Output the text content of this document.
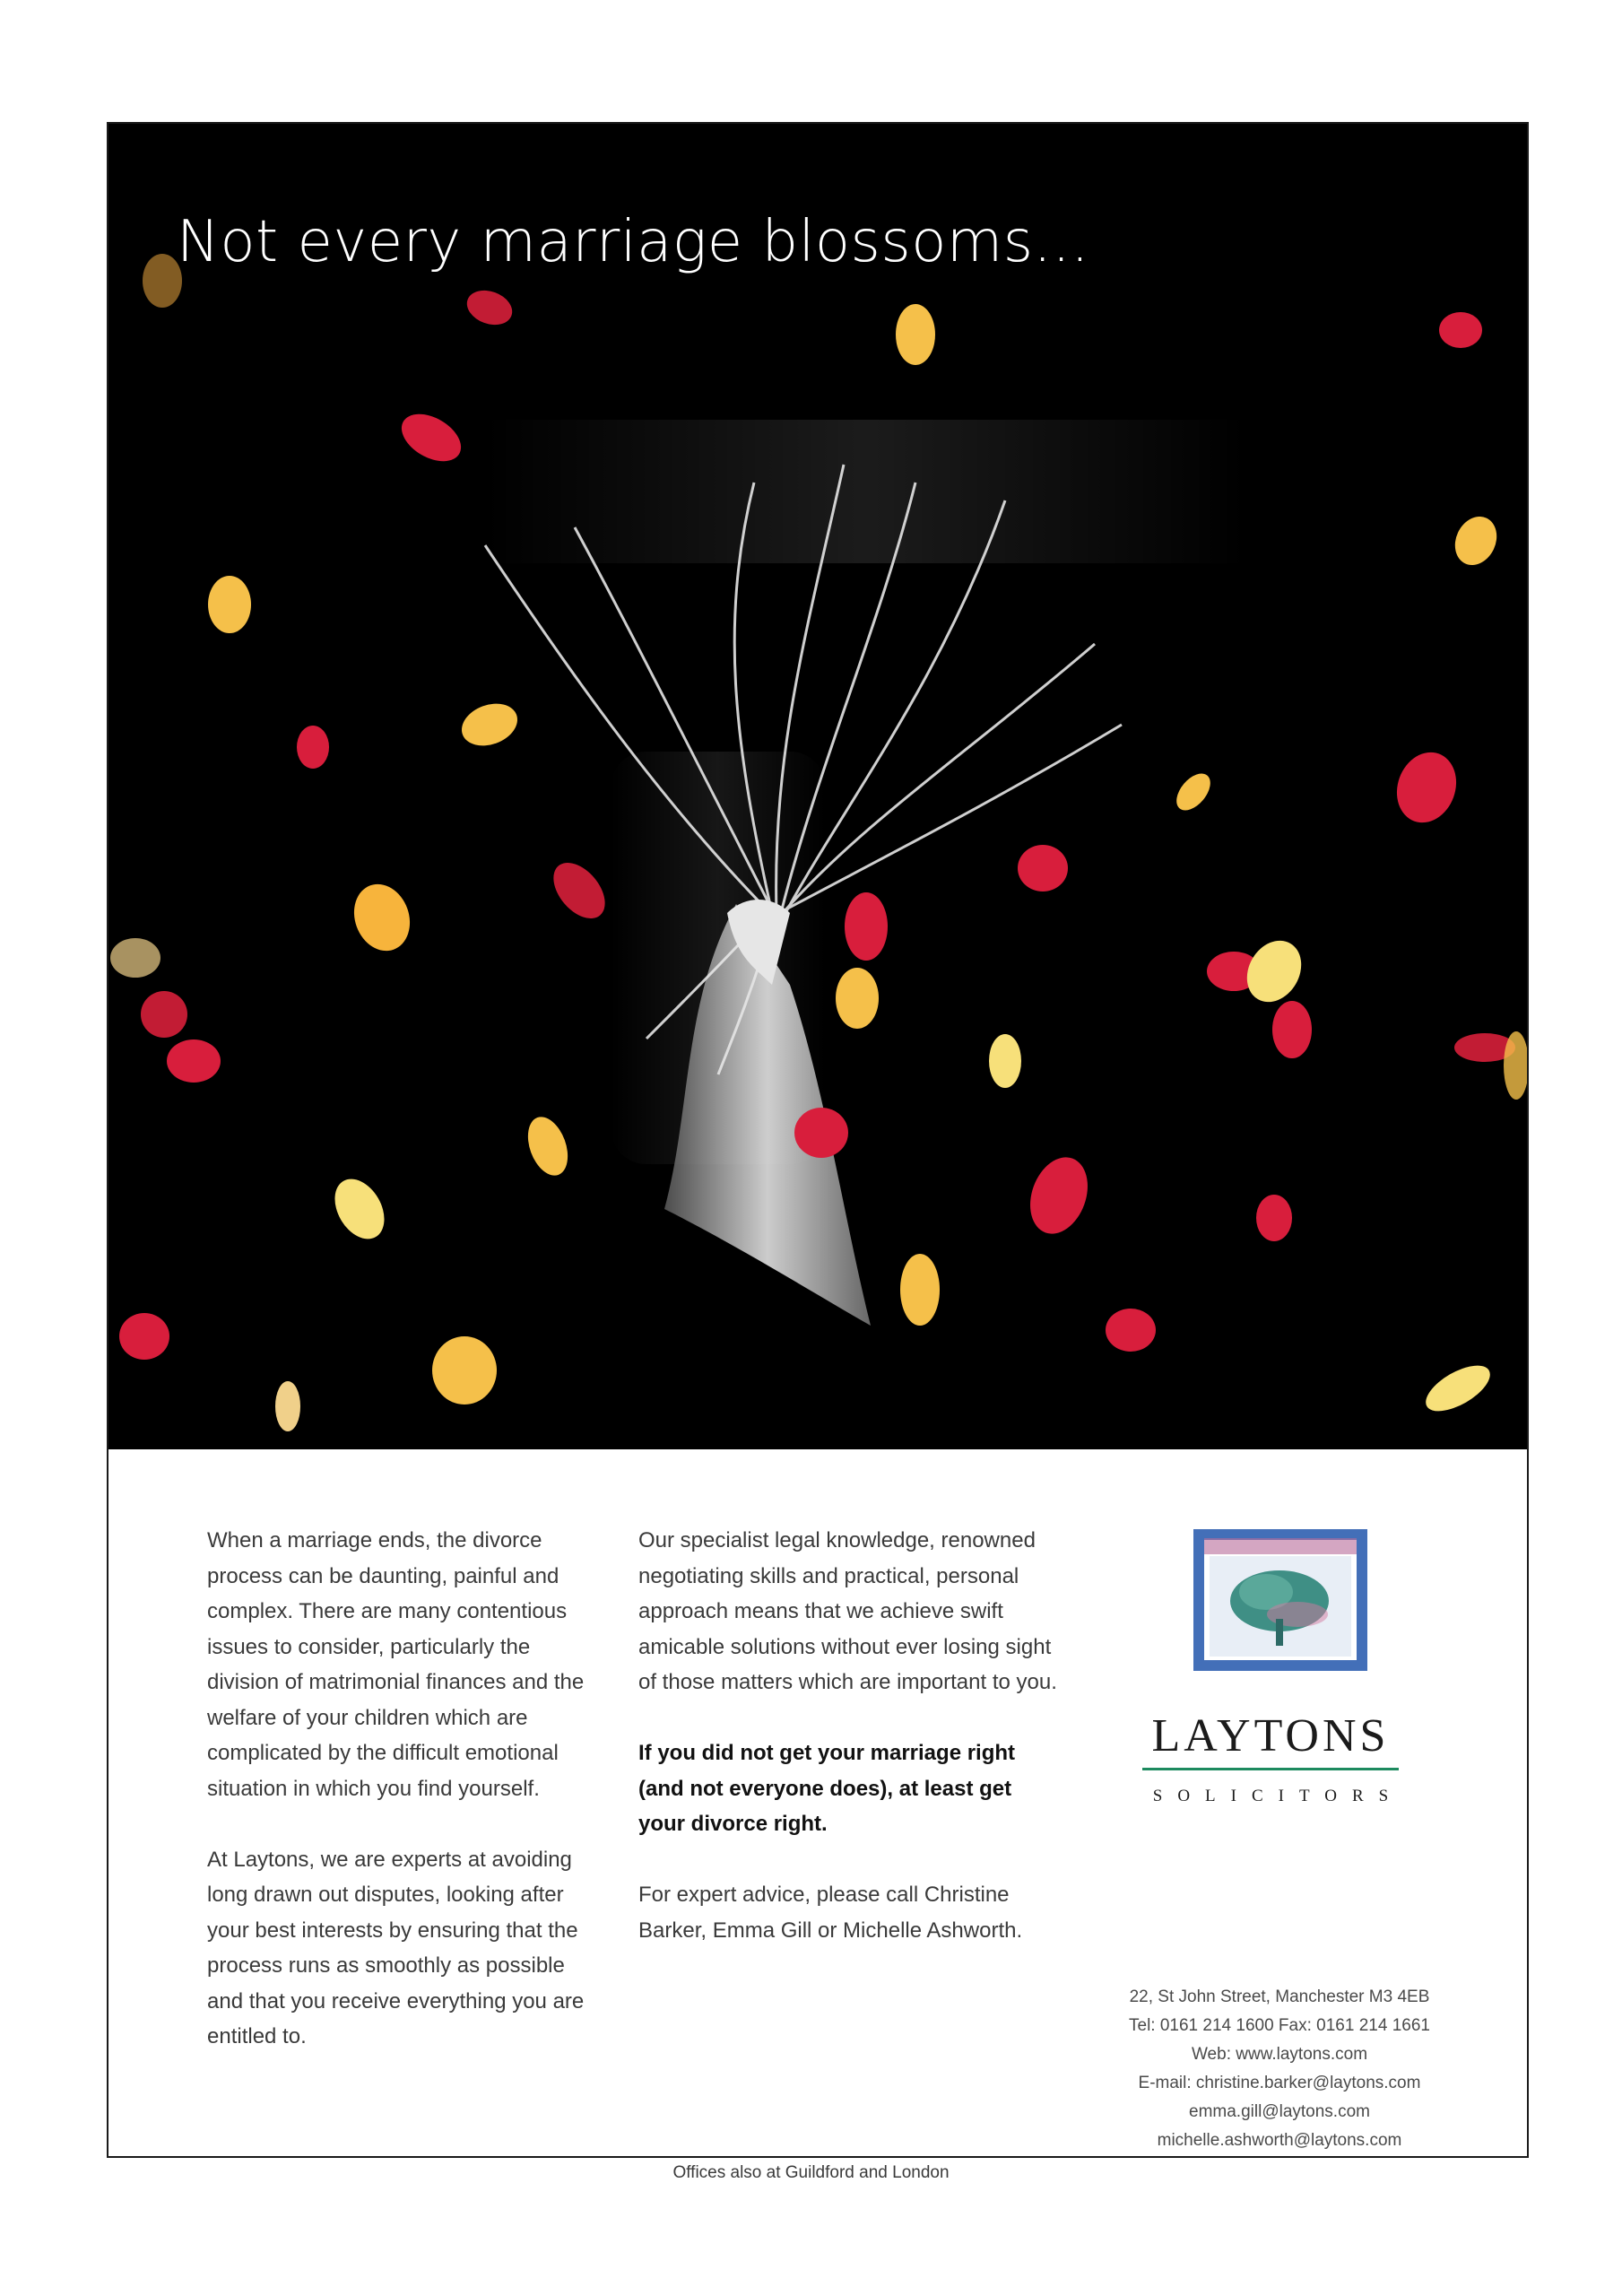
Not every marriage blossoms...

When a marriage ends, the divorce process can be daunting, painful and complex. There are many contentious issues to consider, particularly the division of matrimonial finances and the welfare of your children which are complicated by the difficult emotional situation in which you find yourself.

At Laytons, we are experts at avoiding long drawn out disputes, looking after your best interests by ensuring that the process runs as smoothly as possible and that you receive everything you are entitled to.

Our specialist legal knowledge, renowned negotiating skills and practical, personal approach means that we achieve swift amicable solutions without ever losing sight of those matters which are important to you.

If you did not get your marriage right (and not everyone does), at least get your divorce right.

For expert advice, please call Christine Barker, Emma Gill or Michelle Ashworth.

LAYTONS
SOLICITORS
22, St John Street, Manchester M3 4EB
Tel: 0161 214 1600 Fax: 0161 214 1661
Web: www.laytons.com
E-mail: christine.barker@laytons.com
emma.gill@laytons.com
michelle.ashworth@laytons.com
Offices also at Guildford and London
